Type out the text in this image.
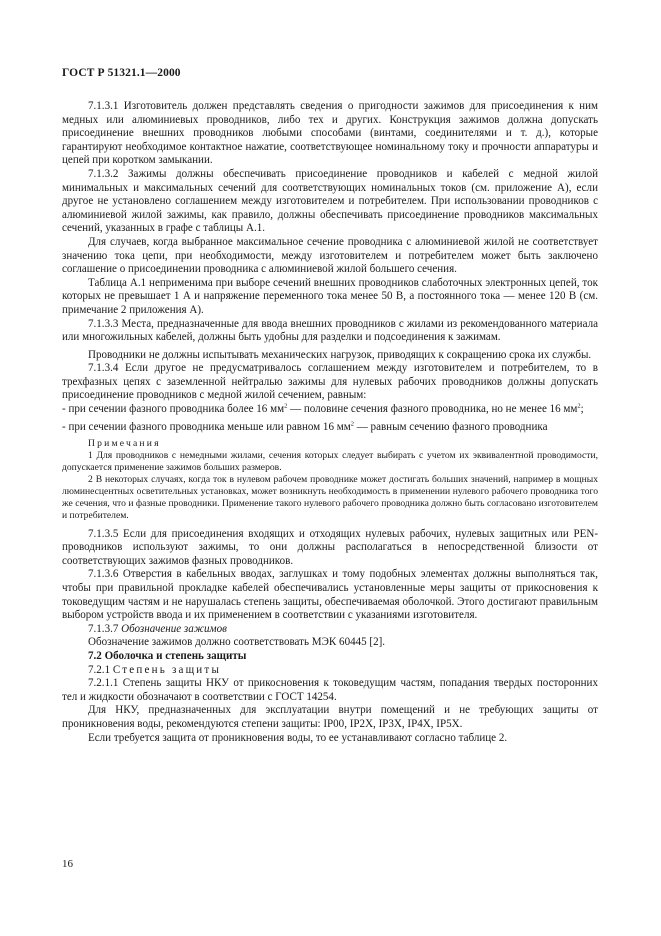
ГОСТ Р 51321.1—2000

7.1.3.1 Изготовитель должен представлять сведения о пригодности зажимов для присоединения к ним медных или алюминиевых проводников, либо тех и других. Конструкция зажимов должна допускать присоединение внешних проводников любыми способами (винтами, соединителями и т. д.), которые гарантируют необходимое контактное нажатие, соответствующее номинальному току и прочности аппаратуры и цепей при коротком замыкании.

7.1.3.2 Зажимы должны обеспечивать присоединение проводников и кабелей с медной жилой минимальных и максимальных сечений для соответствующих номинальных токов (см. приложение А), если другое не установлено соглашением между изготовителем и потребителем. При использовании проводников с алюминиевой жилой зажимы, как правило, должны обеспечивать присоединение проводников максимальных сечений, указанных в графе с таблицы А.1.

Для случаев, когда выбранное максимальное сечение проводника с алюминиевой жилой не соответствует значению тока цепи, при необходимости, между изготовителем и потребителем может быть заключено соглашение о присоединении проводника с алюминиевой жилой большего сечения.

Таблица А.1 неприменима при выборе сечений внешних проводников слаботочных электронных цепей, ток которых не превышает 1 А и напряжение переменного тока менее 50 В, а постоянного тока — менее 120 В (см. примечание 2 приложения А).

7.1.3.3 Места, предназначенные для ввода внешних проводников с жилами из рекомендованного материала или многожильных кабелей, должны быть удобны для разделки и подсоединения к зажимам.

Проводники не должны испытывать механических нагрузок, приводящих к сокращению срока их службы.

7.1.3.4 Если другое не предусматривалось соглашением между изготовителем и потребителем, то в трехфазных цепях с заземленной нейтралью зажимы для нулевых рабочих проводников должны допускать присоединение проводников с медной жилой сечением, равным:

- при сечении фазного проводника более 16 $мм^2$ — половине сечения фазного проводника, но не менее 16 $мм^2$;

- при сечении фазного проводника меньше или равном 16 $мм^2$ — равным сечению фазного проводника

Примечания

1 Для проводников с немедными жилами, сечения которых следует выбирать с учетом их эквивалентной проводимости, допускается применение зажимов больших размеров.

2 В некоторых случаях, когда ток в нулевом рабочем проводнике может достигать больших значений, например в мощных люминесцентных осветительных установках, может возникнуть необходимость в применении нулевого рабочего проводника того же сечения, что и фазные проводники. Применение такого нулевого рабочего проводника должно быть согласовано изготовителем и потребителем.

7.1.3.5 Если для присоединения входящих и отходящих нулевых рабочих, нулевых защитных или PEN-проводников используют зажимы, то они должны располагаться в непосредственной близости от соответствующих зажимов фазных проводников.

7.1.3.6 Отверстия в кабельных вводах, заглушках и тому подобных элементах должны выполняться так, чтобы при правильной прокладке кабелей обеспечивались установленные меры защиты от прикосновения к токоведущим частям и не нарушалась степень защиты, обеспечиваемая оболочкой. Этого достигают правильным выбором устройств ввода и их применением в соответствии с указаниями изготовителя.

7.1.3.7 Обозначение зажимов

Обозначение зажимов должно соответствовать МЭК 60445 [2].

7.2 Оболочка и степень защиты

7.2.1 Степень защиты

7.2.1.1 Степень защиты НКУ от прикосновения к токоведущим частям, попадания твердых посторонних тел и жидкости обозначают в соответствии с ГОСТ 14254.

Для НКУ, предназначенных для эксплуатации внутри помещений и не требующих защиты от проникновения воды, рекомендуются степени защиты: IP00, IP2X, IP3X, IP4X, IP5X.

Если требуется защита от проникновения воды, то ее устанавливают согласно таблице 2.

16
